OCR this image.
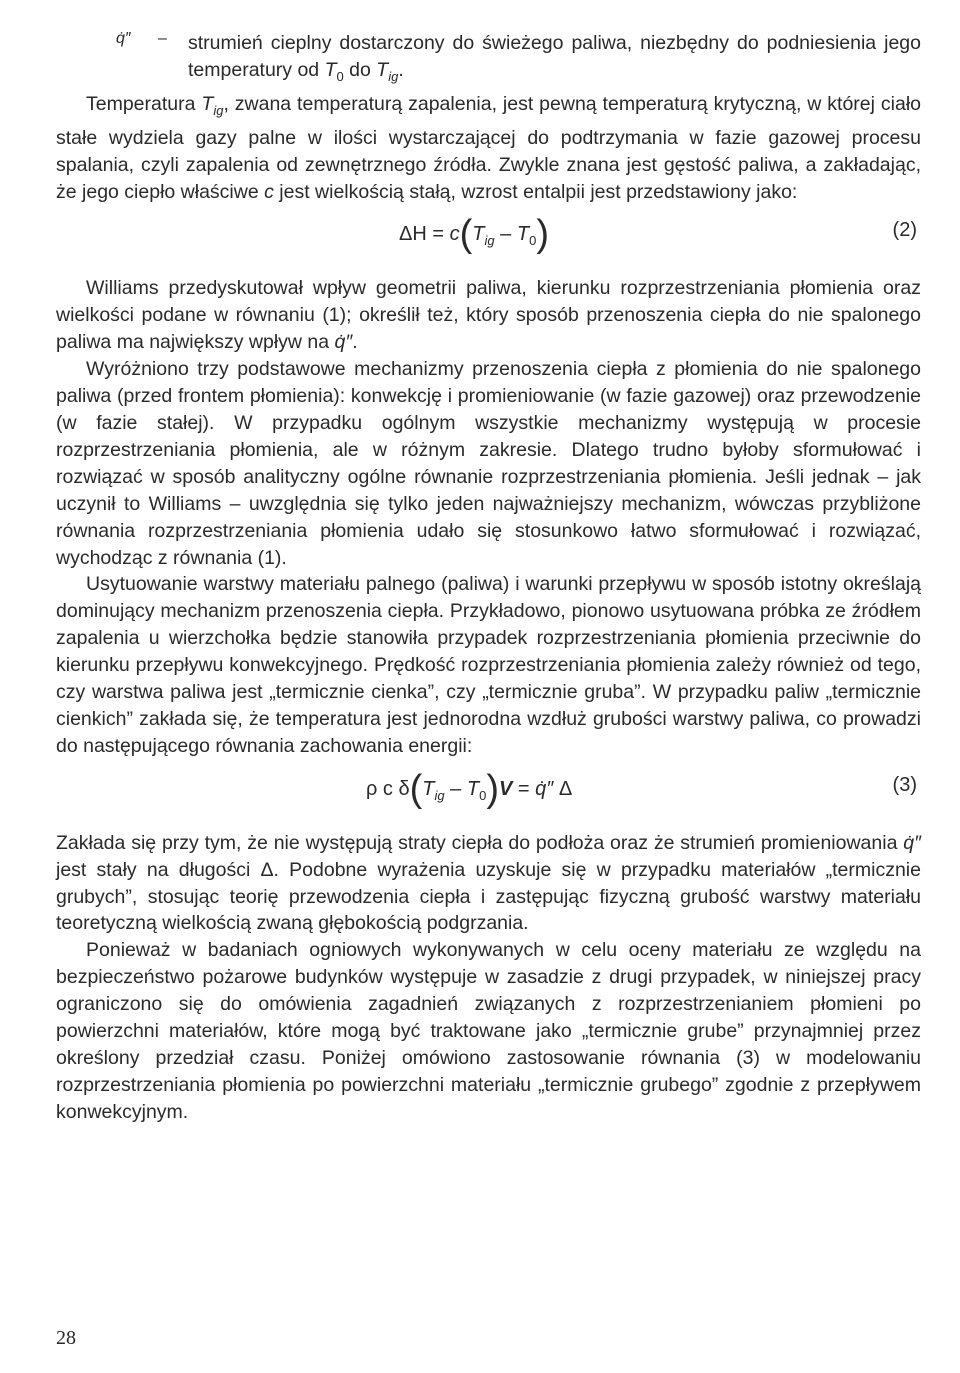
q̇″	–	strumień cieplny dostarczony do świeżego paliwa, niezbędny do podniesienia jego temperatury od $T_0$ do $T_{ig}$.

Temperatura $T_{ig}$, zwana temperaturą zapalenia, jest pewną temperaturą krytyczną, w której ciało stałe wydziela gazy palne w ilości wystarczającej do podtrzymania w fazie gazowej procesu spalania, czyli zapalenia od zewnętrznego źródła. Zwykle znana jest gęstość paliwa, a zakładając, że jego ciepło właściwe c jest wielkością stałą, wzrost entalpii jest przedstawiony jako:

$\Delta H = c(T_{ig} - T_0)$	(2)

Williams przedyskutował wpływ geometrii paliwa, kierunku rozprzestrzeniania płomienia oraz wielkości podane w równaniu (1); określił też, który sposób przenoszenia ciepła do nie spalonego paliwa ma największy wpływ na q̇″.

Wyróżniono trzy podstawowe mechanizmy przenoszenia ciepła z płomienia do nie spalonego paliwa (przed frontem płomienia): konwekcję i promieniowanie (w fazie gazowej) oraz przewodzenie (w fazie stałej). W przypadku ogólnym wszystkie mechanizmy występują w procesie rozprzestrzeniania płomienia, ale w różnym zakresie. Dlatego trudno byłoby sformułować i rozwiązać w sposób analityczny ogólne równanie rozprzestrzeniania płomienia. Jeśli jednak – jak uczynił to Williams – uwzględnia się tylko jeden najważniejszy mechanizm, wówczas przybliżone równania rozprzestrzeniania płomienia udało się stosunkowo łatwo sformułować i rozwiązać, wychodząc z równania (1).

Usytuowanie warstwy materiału palnego (paliwa) i warunki przepływu w sposób istotny określają dominujący mechanizm przenoszenia ciepła. Przykładowo, pionowo usytuowana próbka ze źródłem zapalenia u wierzchołka będzie stanowiła przypadek rozprzestrzeniania płomienia przeciwnie do kierunku przepływu konwekcyjnego. Prędkość rozprzestrzeniania płomienia zależy również od tego, czy warstwa paliwa jest „termicznie cienka”, czy „termicznie gruba”. W przypadku paliw „termicznie cienkich” zakłada się, że temperatura jest jednorodna wzdłuż grubości warstwy paliwa, co prowadzi do następującego równania zachowania energii:

ρ c $\delta(T_{ig} - T_0)V$ = q̇″ Δ	(3)

Zakłada się przy tym, że nie występują straty ciepła do podłoża oraz że strumień promieniowania q̇″ jest stały na długości Δ. Podobne wyrażenia uzyskuje się w przypadku materiałów „termicznie grubych”, stosując teorię przewodzenia ciepła i zastępując fizyczną grubość warstwy materiału teoretyczną wielkością zwaną głębokością podgrzania.

Ponieważ w badaniach ogniowych wykonywanych w celu oceny materiału ze względu na bezpieczeństwo pożarowe budynków występuje w zasadzie z drugi przypadek, w niniejszej pracy ograniczono się do omówienia zagadnień związanych z rozprzestrzenianiem płomieni po powierzchni materiałów, które mogą być traktowane jako „termicznie grube” przynajmniej przez określony przedział czasu. Poniżej omówiono zastosowanie równania (3) w modelowaniu rozprzestrzeniania płomienia po powierzchni materiału „termicznie grubego” zgodnie z przepływem konwekcyjnym.

28
